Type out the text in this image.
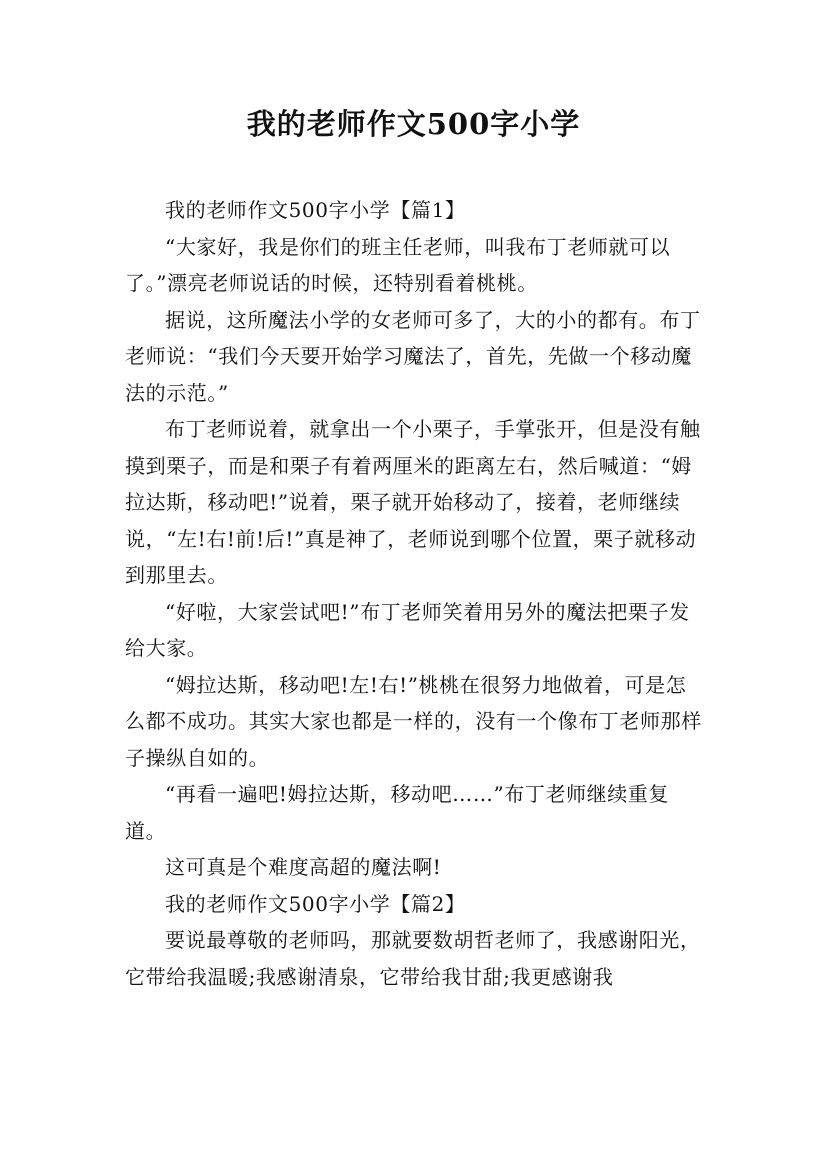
我的老师作文500字小学

我的老师作文500字小学【篇1】

“大家好，我是你们的班主任老师，叫我布丁老师就可以了。”漂亮老师说话的时候，还特别看着桃桃。

据说，这所魔法小学的女老师可多了，大的小的都有。布丁老师说：“我们今天要开始学习魔法了，首先，先做一个移动魔法的示范。”

布丁老师说着，就拿出一个小栗子，手掌张开，但是没有触摸到栗子，而是和栗子有着两厘米的距离左右，然后喊道：“姆拉达斯，移动吧!”说着，栗子就开始移动了，接着，老师继续说，“左!右!前!后!”真是神了，老师说到哪个位置，栗子就移动到那里去。

“好啦，大家尝试吧!”布丁老师笑着用另外的魔法把栗子发给大家。

“姆拉达斯，移动吧!左!右!”桃桃在很努力地做着，可是怎么都不成功。其实大家也都是一样的，没有一个像布丁老师那样子操纵自如的。

“再看一遍吧!姆拉达斯，移动吧……”布丁老师继续重复道。

这可真是个难度高超的魔法啊!

我的老师作文500字小学【篇2】

要说最尊敬的老师吗，那就要数胡哲老师了，我感谢阳光，它带给我温暖;我感谢清泉，它带给我甘甜;我更感谢我
